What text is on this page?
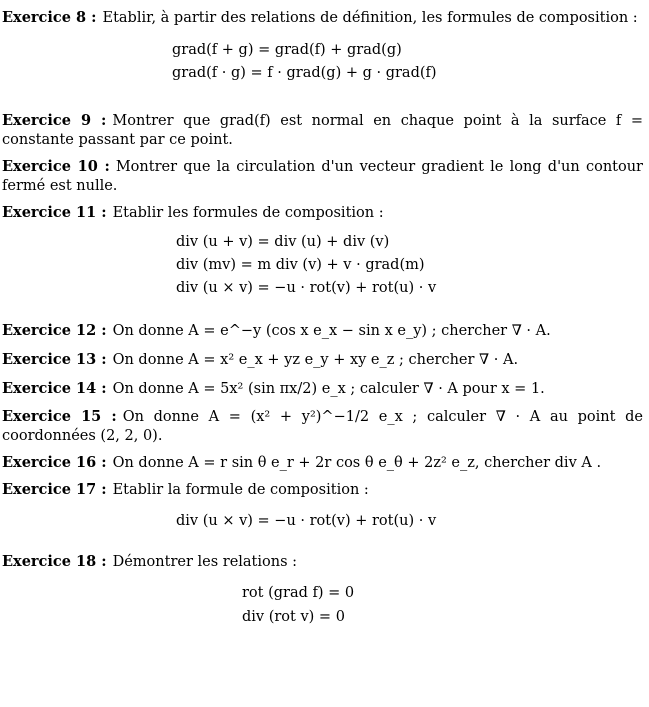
Exercice 8 : Etablir, à partir des relations de définition, les formules de composition :
grad(f + g) = grad(f) + grad(g)
grad(f · g) = f · grad(g) + g · grad(f)
Exercice 9 : Montrer que grad(f) est normal en chaque point à la surface f = constante passant par ce point.
Exercice 10 : Montrer que la circulation d'un vecteur gradient le long d'un contour fermé est nulle.
Exercice 11 : Etablir les formules de composition :
div (u + v) = div (u) + div (v)
div (mv) = m div (v) + v · grad(m)
div (u × v) = −u · rot(v) + rot(u) · v
Exercice 12 : On donne A = e^−y (cos x e_x − sin x e_y) ; chercher ∇ · A.
Exercice 13 : On donne A = x² e_x + yz e_y + xy e_z ; chercher ∇ · A.
Exercice 14 : On donne A = 5x² (sin πx/2) e_x ; calculer ∇ · A pour x = 1.
Exercice 15 : On donne A = (x² + y²)^−1/2 e_x ; calculer ∇ · A au point de coordonnées (2, 2, 0).
Exercice 16 : On donne A = r sin θ e_r + 2r cos θ e_θ + 2z² e_z, chercher div A .
Exercice 17 : Etablir la formule de composition :
div (u × v) = −u · rot(v) + rot(u) · v
Exercice 18 : Démontrer les relations :
rot (grad f) = 0
div (rot v) = 0
